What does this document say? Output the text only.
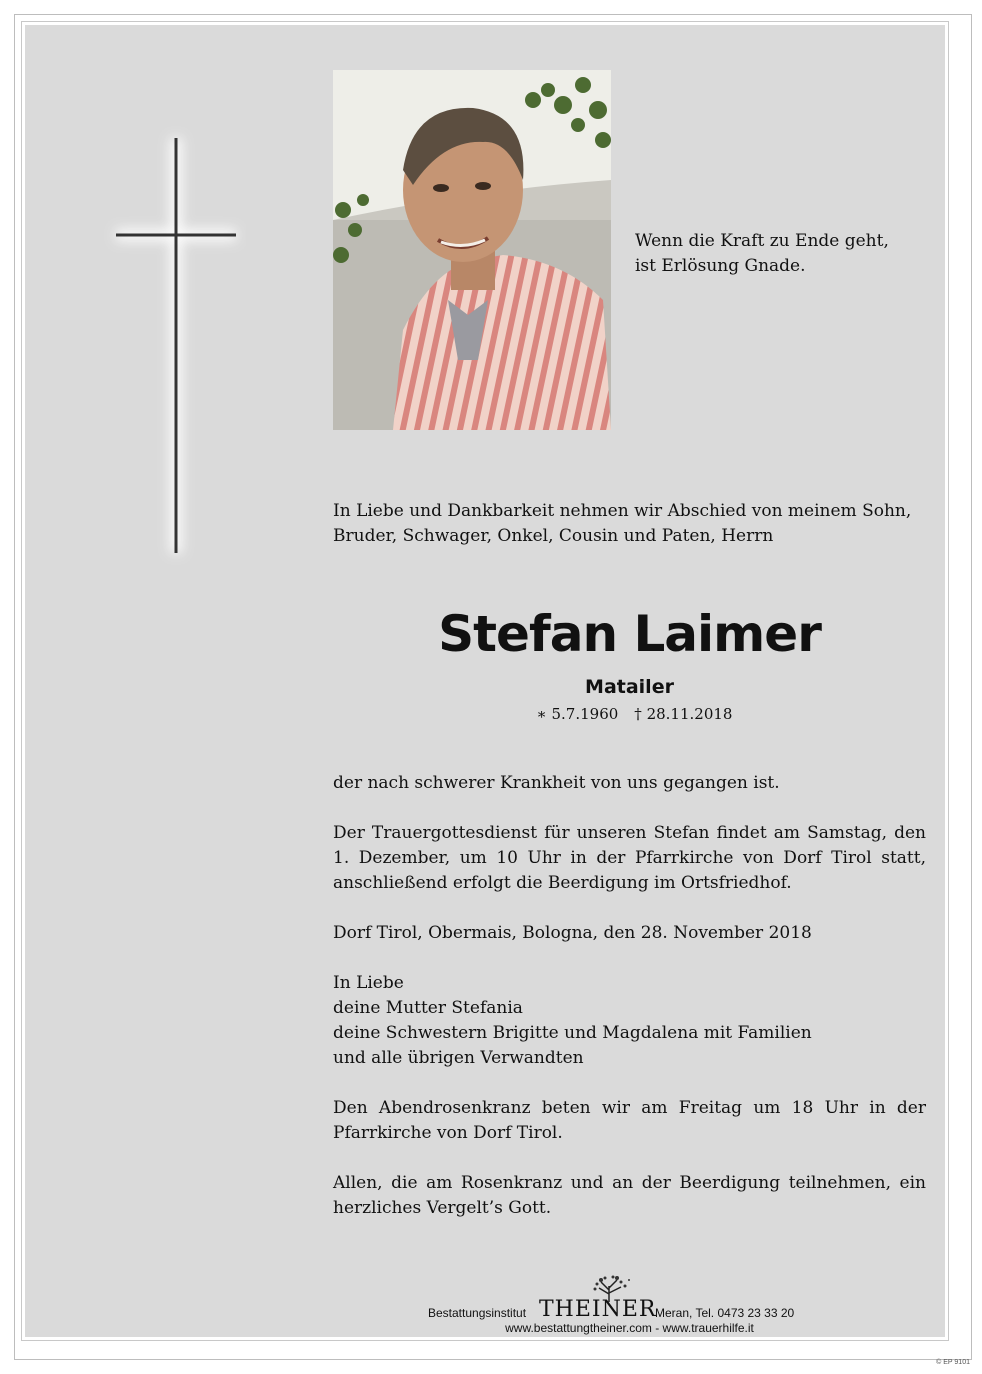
Wenn die Kraft zu Ende geht,
ist Erlösung Gnade.
In Liebe und Dankbarkeit nehmen wir Abschied von meinem Sohn,
Bruder, Schwager, Onkel, Cousin und Paten, Herrn
Stefan Laimer
Matailer
∗ 5.7.1960 † 28.11.2018

der nach schwerer Krankheit von uns gegangen ist.

Der Trauergottesdienst für unseren Stefan findet am Samstag, den 1. Dezember, um 10 Uhr in der Pfarrkirche von Dorf Tirol statt, anschließend erfolgt die Beerdigung im Ortsfriedhof.

Dorf Tirol, Obermais, Bologna, den 28. November 2018

In Liebe
deine Mutter Stefania
deine Schwestern Brigitte und Magdalena mit Familien
und alle übrigen Verwandten

Den Abendrosenkranz beten wir am Freitag um 18 Uhr in der Pfarrkirche von Dorf Tirol.

Allen, die am Rosenkranz und an der Beerdigung teilnehmen, ein herzliches Vergelt’s Gott.

Bestattungsinstitut THEINER
Meran, Tel. 0473 23 33 20
www.bestattungtheiner.com - www.trauerhilfe.it
© EP 9101
